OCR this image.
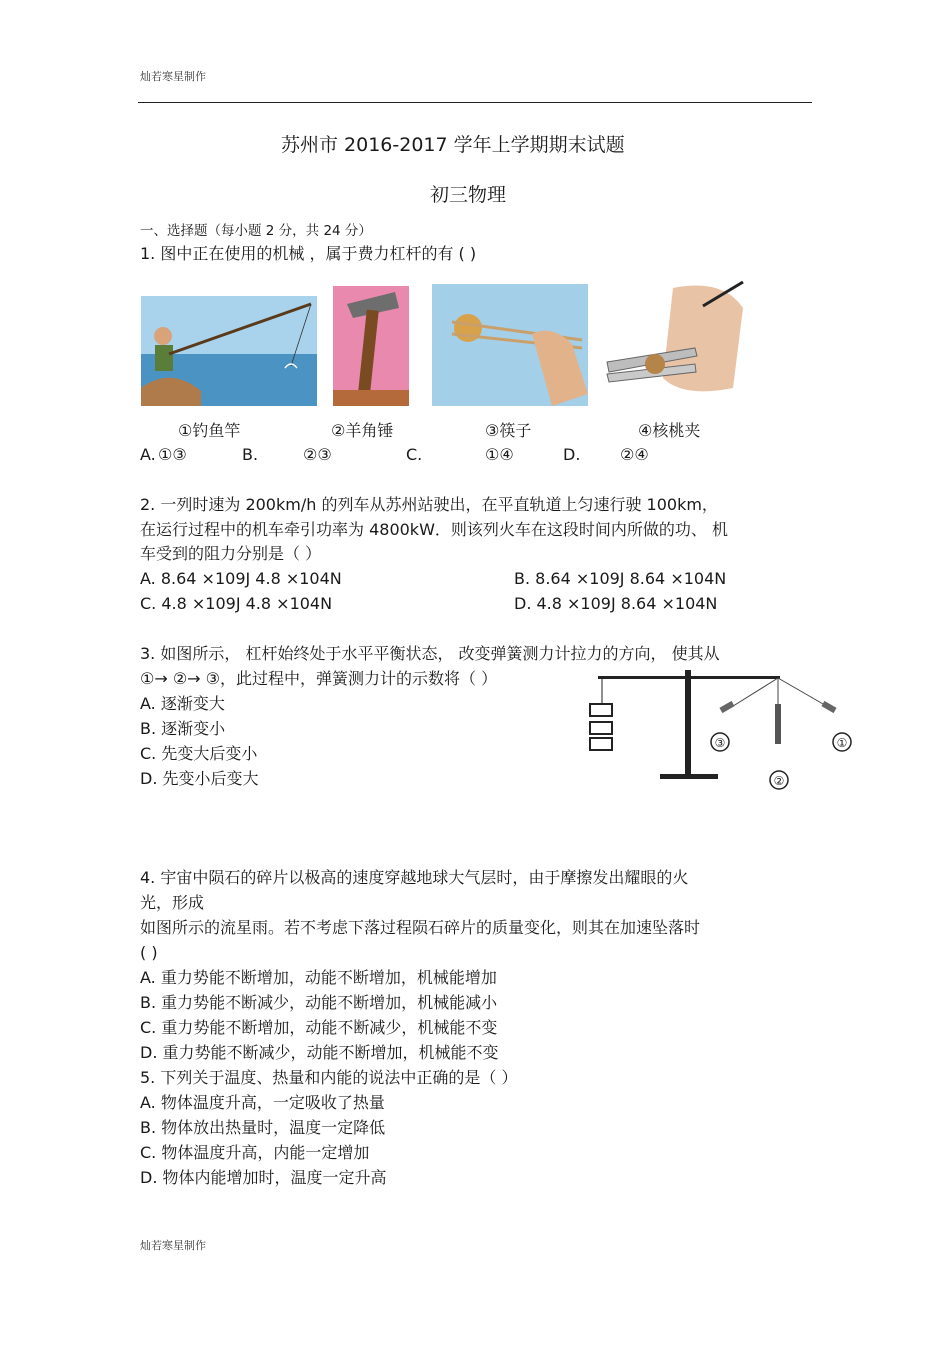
灿若寒星制作
苏州市 2016-2017 学年上学期期末试题
初三物理
一、选择题（每小题 2 分，共 24 分）
1. 图中正在使用的机械 ，属于费力杠杆的有 ( )
①钓鱼竿	②羊角锤	③筷子	④核桃夹
A. ①③	B.	②③	C.	①④	D. ②④
2. 一列时速为 200km/h 的列车从苏州站驶出，在平直轨道上匀速行驶 100km，
在运行过程中的机车牵引功率为 4800kW．则该列火车在这段时间内所做的功、 机
车受到的阻力分别是（ ）
A. 8.64 ×109J 4.8 ×104N	B. 8.64 ×109J 8.64 ×104N
C. 4.8 ×109J 4.8 ×104N	D. 4.8 ×109J 8.64 ×104N
3. 如图所示， 杠杆始终处于水平平衡状态， 改变弹簧测力计拉力的方向， 使其从
①→ ②→ ③，此过程中，弹簧测力计的示数将（ ）
A. 逐渐变大
B. 逐渐变小
C. 先变大后变小
D. 先变小后变大
③
②
①
4. 宇宙中陨石的碎片以极高的速度穿越地球大气层时，由于摩擦发出耀眼的火
光，形成
如图所示的流星雨。若不考虑下落过程陨石碎片的质量变化，则其在加速坠落时
( )
A. 重力势能不断增加，动能不断增加，机械能增加
B. 重力势能不断减少，动能不断增加，机械能减小
C. 重力势能不断增加，动能不断减少，机械能不变
D. 重力势能不断减少，动能不断增加，机械能不变
5. 下列关于温度、热量和内能的说法中正确的是（ ）
A. 物体温度升高，一定吸收了热量
B. 物体放出热量时，温度一定降低
C. 物体温度升高，内能一定增加
D. 物体内能增加时，温度一定升高
灿若寒星制作
